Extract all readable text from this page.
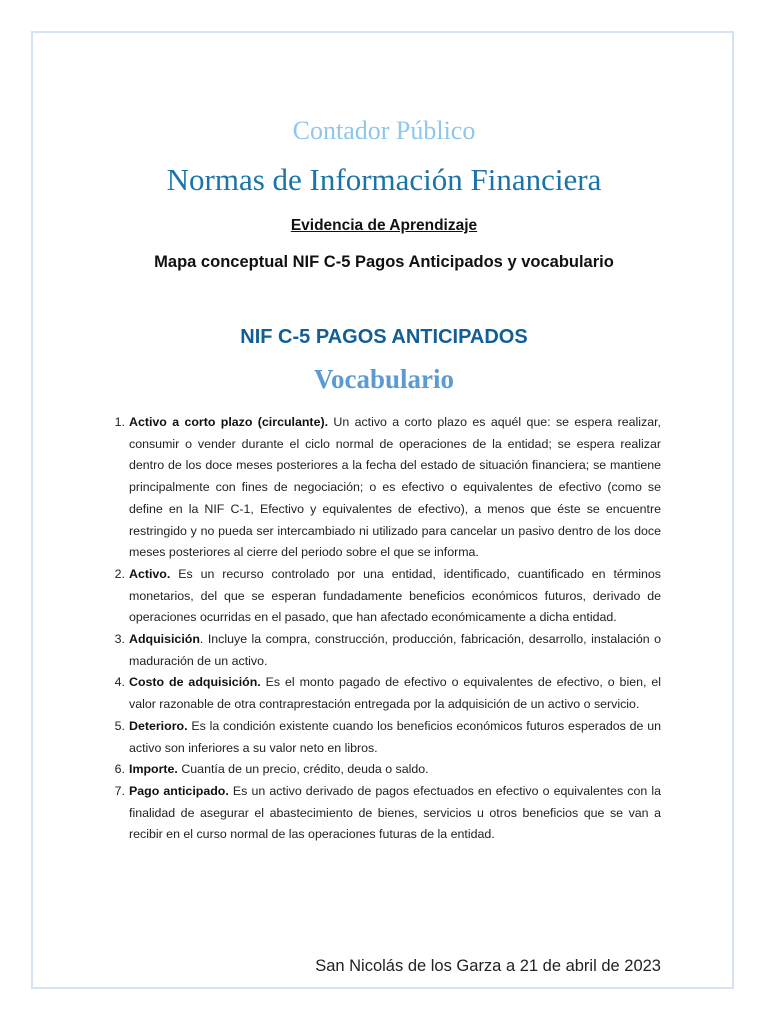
Contador Público
Normas de Información Financiera
Evidencia de Aprendizaje
Mapa conceptual NIF C-5 Pagos Anticipados y vocabulario
NIF C-5 PAGOS ANTICIPADOS
Vocabulario
1. Activo a corto plazo (circulante). Un activo a corto plazo es aquél que: se espera realizar, consumir o vender durante el ciclo normal de operaciones de la entidad; se espera realizar dentro de los doce meses posteriores a la fecha del estado de situación financiera; se mantiene principalmente con fines de negociación; o es efectivo o equivalentes de efectivo (como se define en la NIF C-1, Efectivo y equivalentes de efectivo), a menos que éste se encuentre restringido y no pueda ser intercambiado ni utilizado para cancelar un pasivo dentro de los doce meses posteriores al cierre del periodo sobre el que se informa.
2. Activo. Es un recurso controlado por una entidad, identificado, cuantificado en términos monetarios, del que se esperan fundadamente beneficios económicos futuros, derivado de operaciones ocurridas en el pasado, que han afectado económicamente a dicha entidad.
3. Adquisición. Incluye la compra, construcción, producción, fabricación, desarrollo, instalación o maduración de un activo.
4. Costo de adquisición. Es el monto pagado de efectivo o equivalentes de efectivo, o bien, el valor razonable de otra contraprestación entregada por la adquisición de un activo o servicio.
5. Deterioro. Es la condición existente cuando los beneficios económicos futuros esperados de un activo son inferiores a su valor neto en libros.
6. Importe. Cuantía de un precio, crédito, deuda o saldo.
7. Pago anticipado. Es un activo derivado de pagos efectuados en efectivo o equivalentes con la finalidad de asegurar el abastecimiento de bienes, servicios u otros beneficios que se van a recibir en el curso normal de las operaciones futuras de la entidad.
San Nicolás de los Garza a 21 de abril de 2023
